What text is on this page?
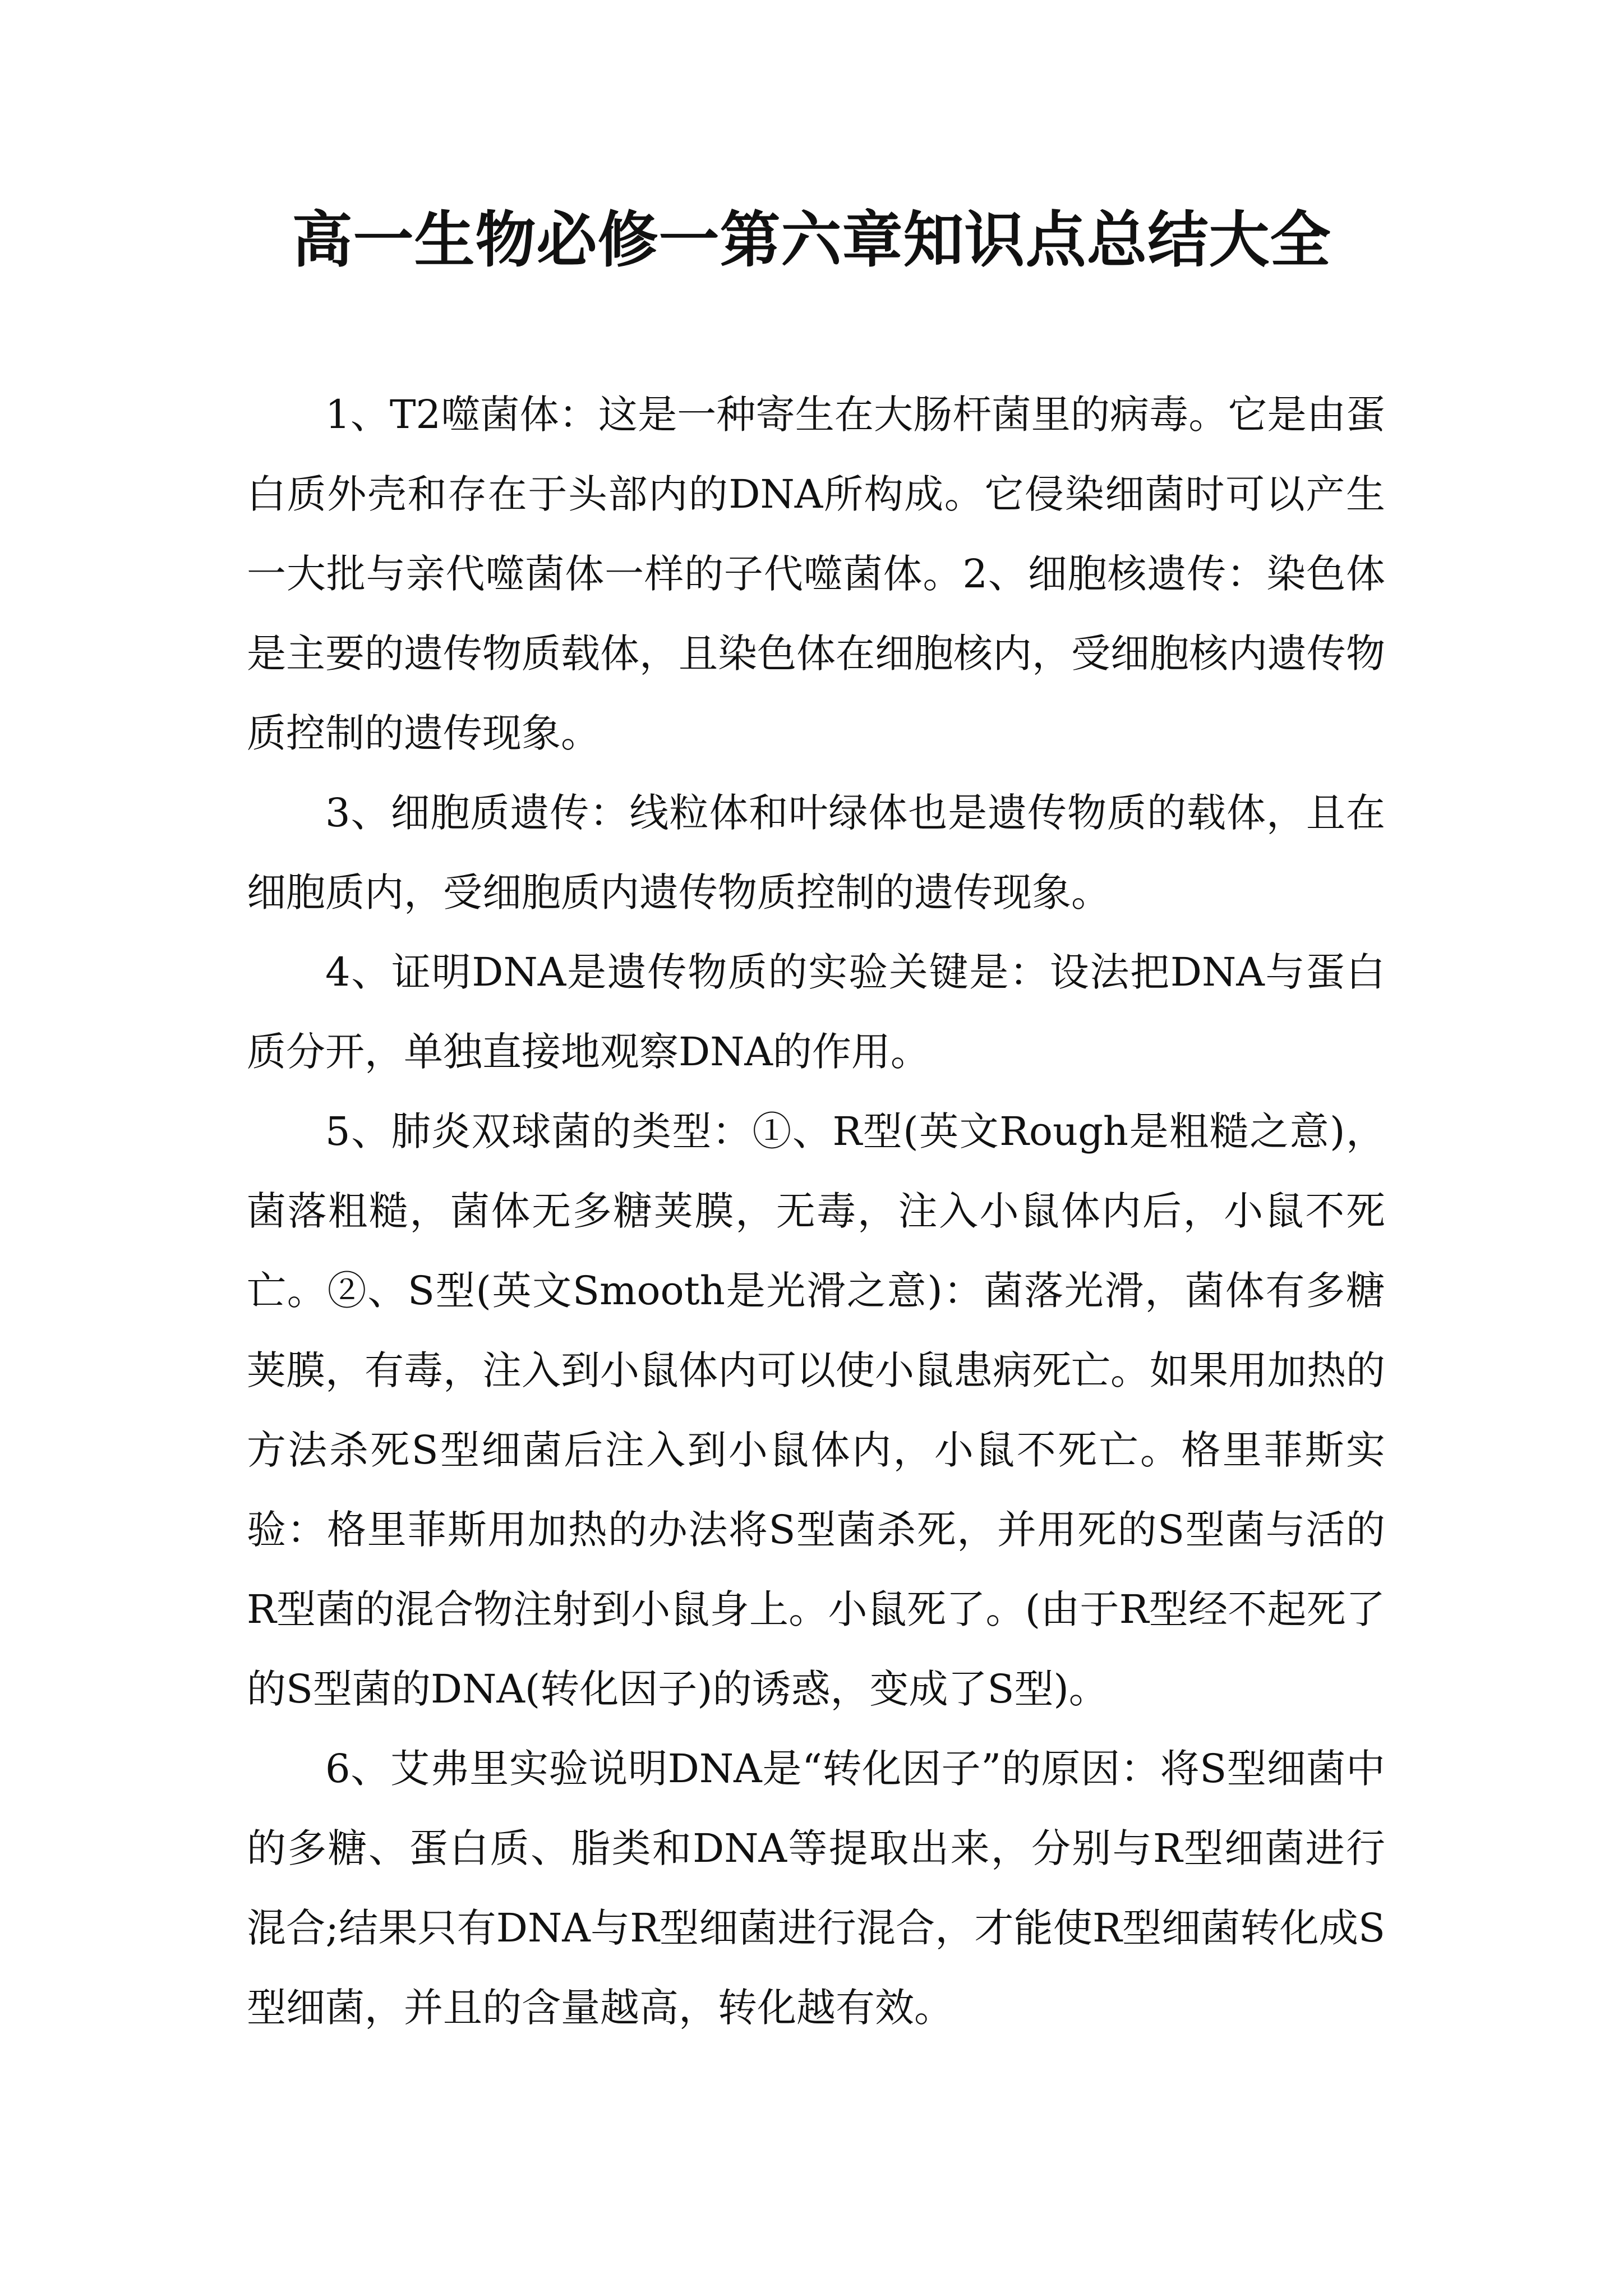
高一生物必修一第六章知识点总结大全

1、T2噬菌体：这是一种寄生在大肠杆菌里的病毒。它是由蛋白质外壳和存在于头部内的DNA所构成。它侵染细菌时可以产生一大批与亲代噬菌体一样的子代噬菌体。2、细胞核遗传：染色体是主要的遗传物质载体，且染色体在细胞核内，受细胞核内遗传物质控制的遗传现象。

3、细胞质遗传：线粒体和叶绿体也是遗传物质的载体，且在细胞质内，受细胞质内遗传物质控制的遗传现象。

4、证明DNA是遗传物质的实验关键是：设法把DNA与蛋白质分开，单独直接地观察DNA的作用。

5、肺炎双球菌的类型：①、R型(英文Rough是粗糙之意)，菌落粗糙，菌体无多糖荚膜，无毒，注入小鼠体内后，小鼠不死亡。②、S型(英文Smooth是光滑之意)：菌落光滑，菌体有多糖荚膜，有毒，注入到小鼠体内可以使小鼠患病死亡。如果用加热的方法杀死S型细菌后注入到小鼠体内，小鼠不死亡。格里菲斯实验：格里菲斯用加热的办法将S型菌杀死，并用死的S型菌与活的R型菌的混合物注射到小鼠身上。小鼠死了。(由于R型经不起死了的S型菌的DNA(转化因子)的诱惑，变成了S型)。

6、艾弗里实验说明DNA是“转化因子”的原因：将S型细菌中的多糖、蛋白质、脂类和DNA等提取出来，分别与R型细菌进行混合;结果只有DNA与R型细菌进行混合，才能使R型细菌转化成S型细菌，并且的含量越高，转化越有效。
